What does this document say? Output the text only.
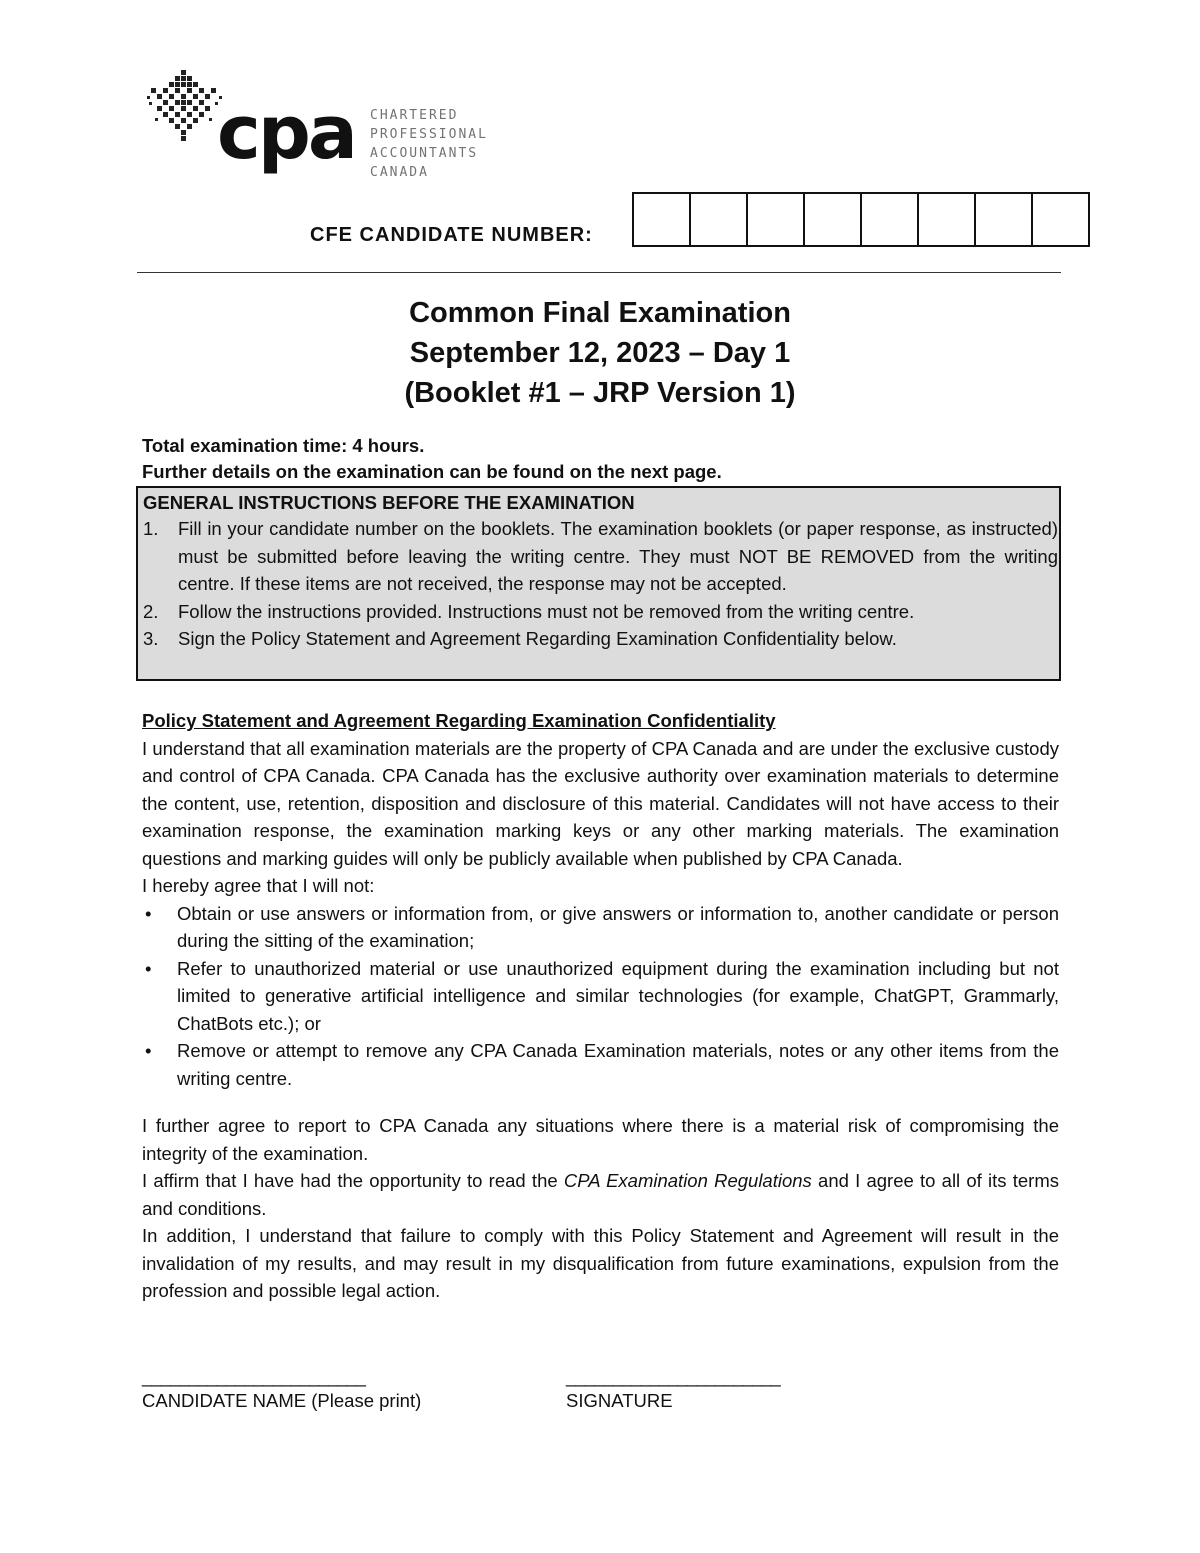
cpa CHARTERED
PROFESSIONAL
ACCOUNTANTS
CANADA
CFE CANDIDATE NUMBER:
Common Final Examination
September 12, 2023 – Day 1
(Booklet #1 – JRP Version 1)
Total examination time: 4 hours.
Further details on the examination can be found on the next page.
GENERAL INSTRUCTIONS BEFORE THE EXAMINATION
1.	Fill in your candidate number on the booklets. The examination booklets (or paper response, as instructed) must be submitted before leaving the writing centre. They must NOT BE REMOVED from the writing centre. If these items are not received, the response may not be accepted.
2.	Follow the instructions provided. Instructions must not be removed from the writing centre.
3.	Sign the Policy Statement and Agreement Regarding Examination Confidentiality below.
Policy Statement and Agreement Regarding Examination Confidentiality
I understand that all examination materials are the property of CPA Canada and are under the exclusive custody and control of CPA Canada. CPA Canada has the exclusive authority over examination materials to determine the content, use, retention, disposition and disclosure of this material. Candidates will not have access to their examination response, the examination marking keys or any other marking materials. The examination questions and marking guides will only be publicly available when published by CPA Canada.
I hereby agree that I will not:
•	Obtain or use answers or information from, or give answers or information to, another candidate or person during the sitting of the examination;
•	Refer to unauthorized material or use unauthorized equipment during the examination including but not limited to generative artificial intelligence and similar technologies (for example, ChatGPT, Grammarly, ChatBots etc.); or
•	Remove or attempt to remove any CPA Canada Examination materials, notes or any other items from the writing centre.
I further agree to report to CPA Canada any situations where there is a material risk of compromising the integrity of the examination.
I affirm that I have had the opportunity to read the CPA Examination Regulations and I agree to all of its terms and conditions.
In addition, I understand that failure to comply with this Policy Statement and Agreement will result in the invalidation of my results, and may result in my disqualification from future examinations, expulsion from the profession and possible legal action.
________________________	_______________________
CANDIDATE NAME (Please print)	SIGNATURE
